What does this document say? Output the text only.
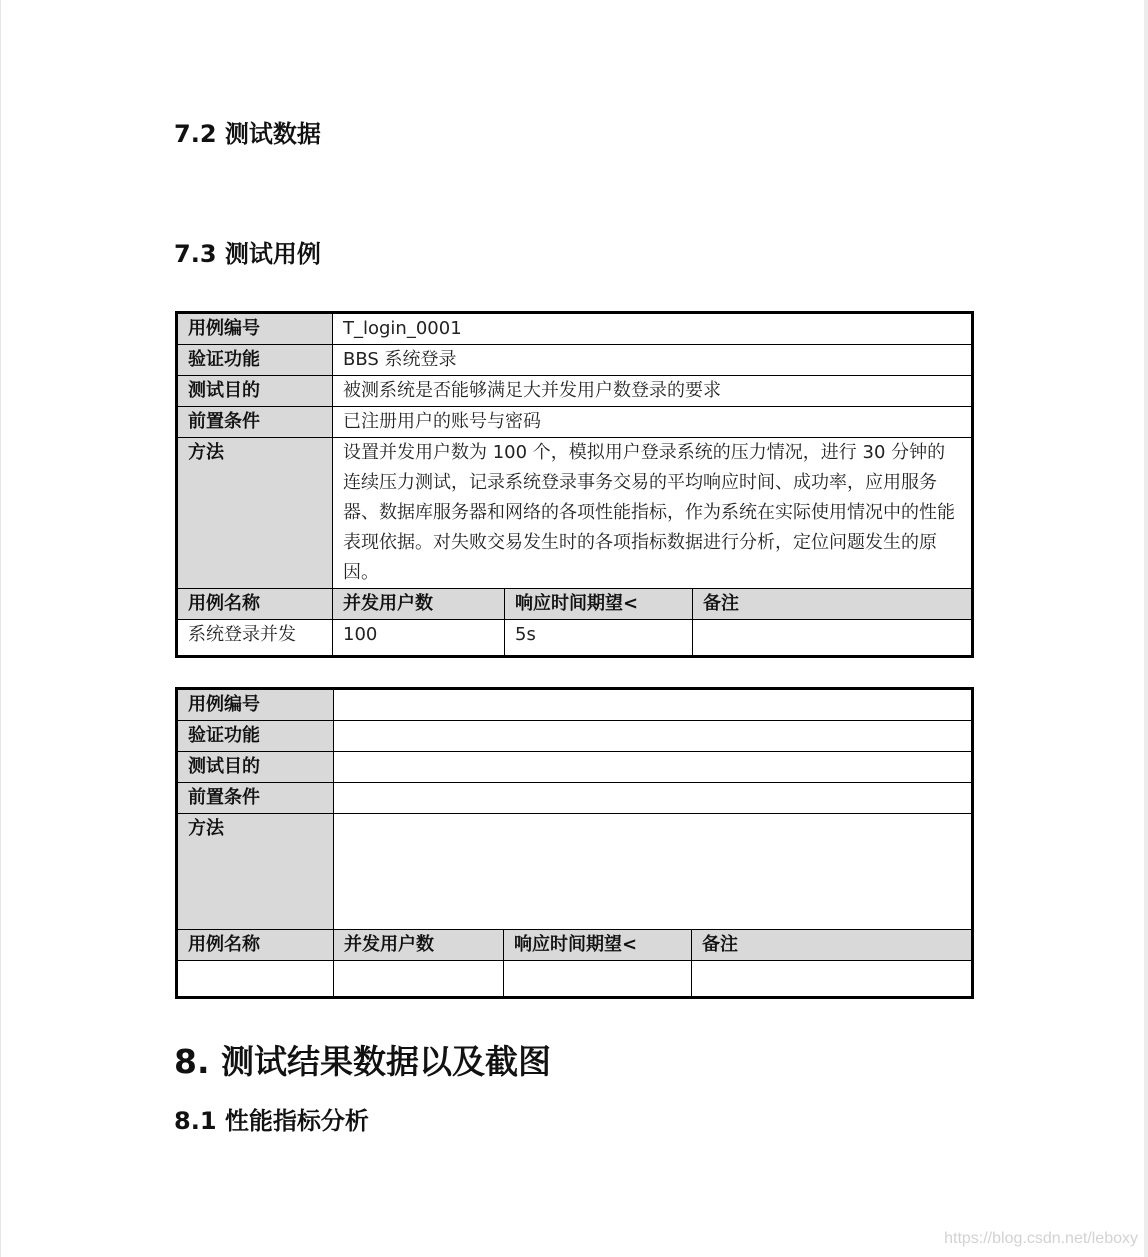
7.2 测试数据
7.3 测试用例
用例编号	T_login_0001		
验证功能	BBS 系统登录		
测试目的	被测系统是否能够满足大并发用户数登录的要求		
前置条件	已注册用户的账号与密码		
方法	设置并发用户数为 100 个，模拟用户登录系统的压力情况，进行 30 分钟的连续压力测试，记录系统登录事务交易的平均响应时间、成功率，应用服务器、数据库服务器和网络的各项性能指标，作为系统在实际使用情况中的性能表现依据。对失败交易发生时的各项指标数据进行分析，定位问题发生的原因。		
用例名称	并发用户数	响应时间期望<	备注
系统登录并发	100	5s	
用例编号			
验证功能			
测试目的			
前置条件			
方法			
用例名称	并发用户数	响应时间期望<	备注

8. 测试结果数据以及截图
8.1 性能指标分析
https://blog.csdn.net/leboxy
